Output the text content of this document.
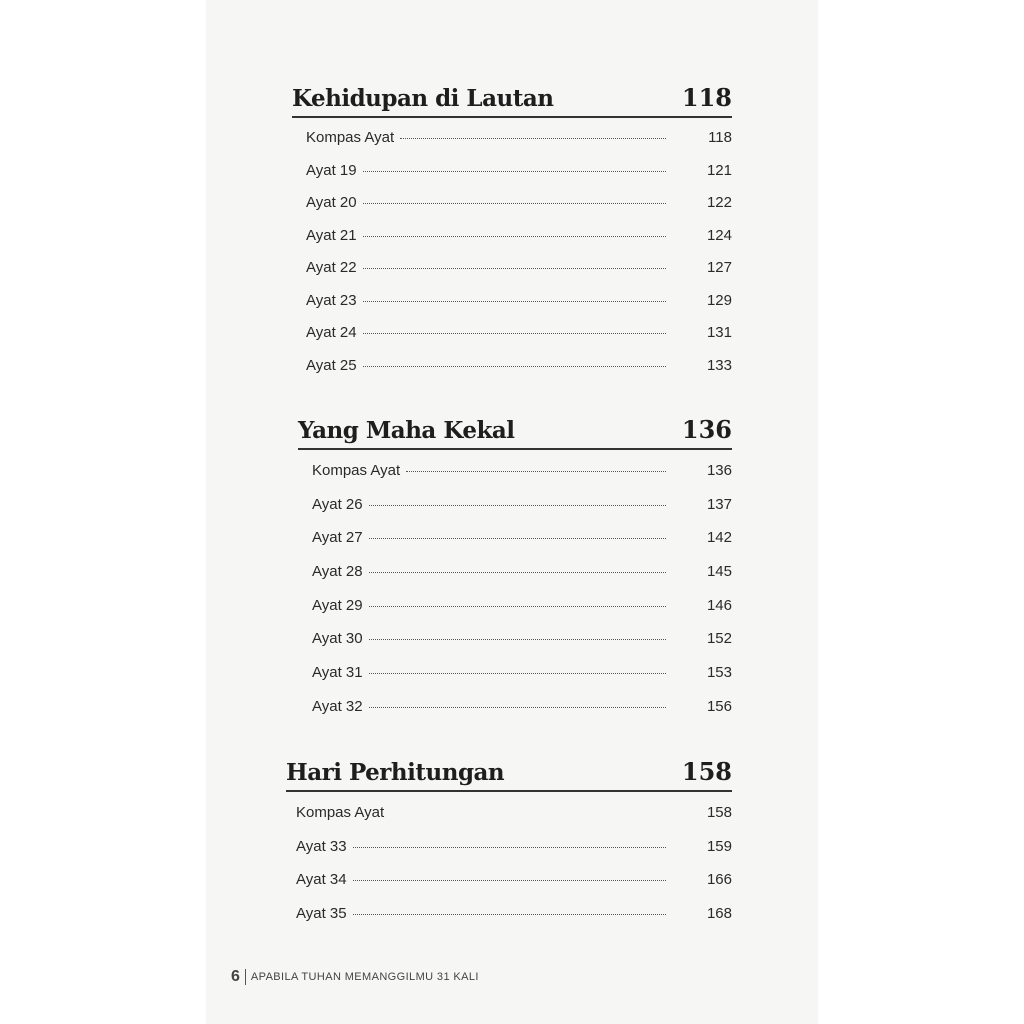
Kehidupan di Lautan	118
Kompas Ayat	118
Ayat 19	121
Ayat 20	122
Ayat 21	124
Ayat 22	127
Ayat 23	129
Ayat 24	131
Ayat 25	133
Yang Maha Kekal	136
Kompas Ayat	136
Ayat 26	137
Ayat 27	142
Ayat 28	145
Ayat 29	146
Ayat 30	152
Ayat 31	153
Ayat 32	156
Hari Perhitungan	158
Kompas Ayat	158
Ayat 33	159
Ayat 34	166
Ayat 35	168
6 APABILA TUHAN MEMANGGILMU 31 KALI
